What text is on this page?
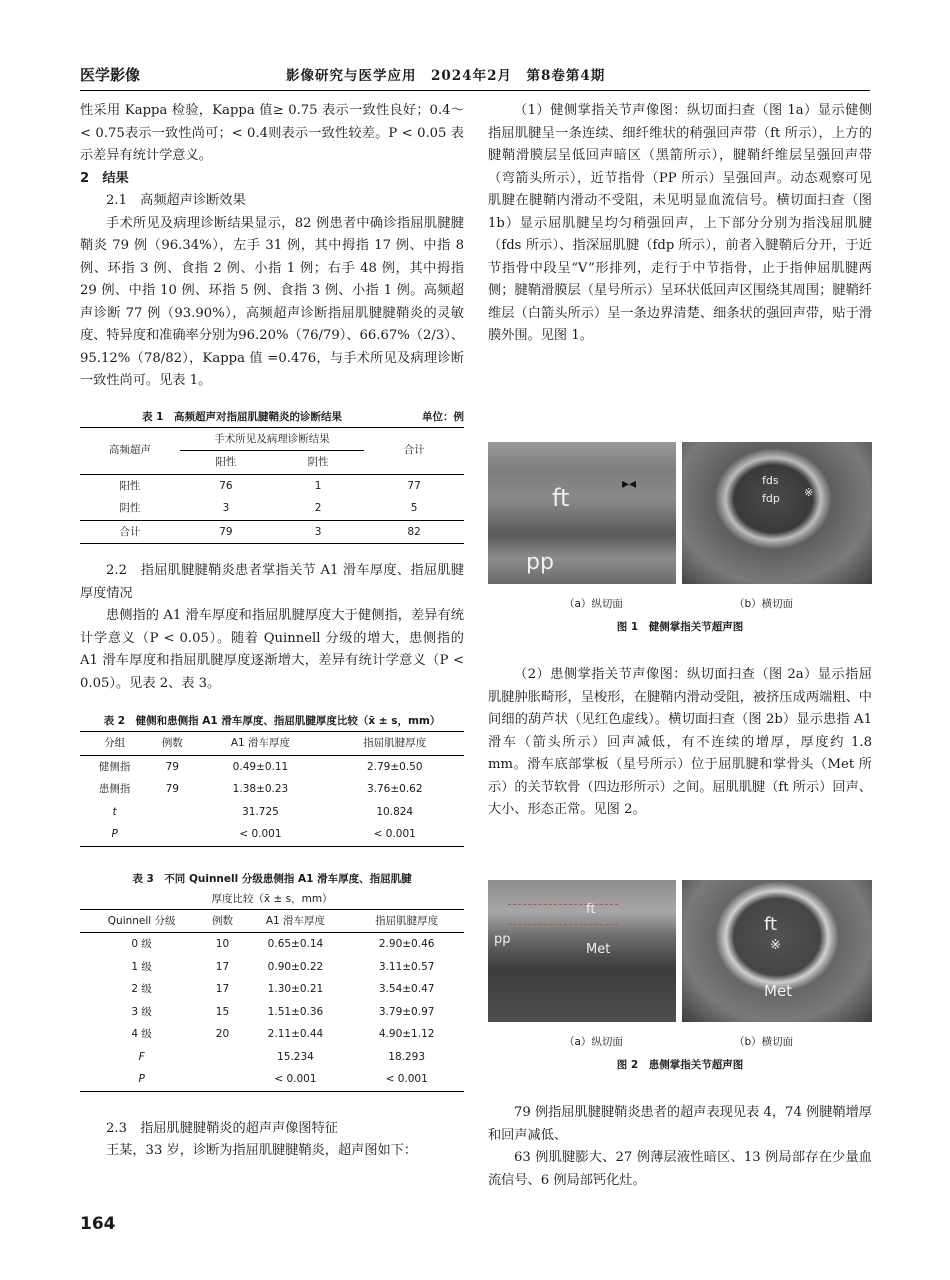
医学影像	影像研究与医学应用　2024年2月　第8卷第4期

性采用 Kappa 检验，Kappa 值≥ 0.75 表示一致性良好；0.4～< 0.75表示一致性尚可；< 0.4则表示一致性较差。P < 0.05 表示差异有统计学意义。

2　结果

2.1　高频超声诊断效果

手术所见及病理诊断结果显示，82 例患者中确诊指屈肌腱腱鞘炎 79 例（96.34%），左手 31 例，其中拇指 17 例、中指 8 例、环指 3 例、食指 2 例、小指 1 例；右手 48 例，其中拇指 29 例、中指 10 例、环指 5 例、食指 3 例、小指 1 例。高频超声诊断 77 例（93.90%），高频超声诊断指屈肌腱腱鞘炎的灵敏度、特异度和准确率分别为96.20%（76/79）、66.67%（2/3）、95.12%（78/82），Kappa 值 =0.476，与手术所见及病理诊断一致性尚可。见表 1。

表 1　高频超声对指屈肌腱鞘炎的诊断结果	单位：例

高频超声	手术所见及病理诊断结果		合计
	阳性	阴性	
阳性	76	1	77
阴性	3	2	5
合计	79	3	82

2.2　指屈肌腱腱鞘炎患者掌指关节 A1 滑车厚度、指屈肌腱厚度情况

患侧指的 A1 滑车厚度和指屈肌腱厚度大于健侧指，差异有统计学意义（P < 0.05）。随着 Quinnell 分级的增大，患侧指的 A1 滑车厚度和指屈肌腱厚度逐渐增大，差异有统计学意义（P < 0.05）。见表 2、表 3。

表 2　健侧和患侧指 A1 滑车厚度、指屈肌腱厚度比较（x̄ ± s，mm）

分组	例数	A1 滑车厚度	指屈肌腱厚度
健侧指	79	0.49±0.11	2.79±0.50
患侧指	79	1.38±0.23	3.76±0.62
t		31.725	10.824
P		< 0.001	< 0.001

表 3　不同 Quinnell 分级患侧指 A1 滑车厚度、指屈肌腱

厚度比较（x̄ ± s，mm）

Quinnell 分级	例数	A1 滑车厚度	指屈肌腱厚度
0 级	10	0.65±0.14	2.90±0.46
1 级	17	0.90±0.22	3.11±0.57
2 级	17	1.30±0.21	3.54±0.47
3 级	15	1.51±0.36	3.79±0.97
4 级	20	2.11±0.44	4.90±1.12
F		15.234	18.293
P		< 0.001	< 0.001

2.3　指屈肌腱腱鞘炎的超声声像图特征

王某，33 岁，诊断为指屈肌腱腱鞘炎，超声图如下：

（1）健侧掌指关节声像图：纵切面扫查（图 1a）显示健侧指屈肌腱呈一条连续、细纤维状的稍强回声带（ft 所示），上方的腱鞘滑膜层呈低回声暗区（黑箭所示），腱鞘纤维层呈强回声带（弯箭头所示），近节指骨（PP 所示）呈强回声。动态观察可见肌腱在腱鞘内滑动不受阻，未见明显血流信号。横切面扫查（图 1b）显示屈肌腱呈均匀稍强回声，上下部分分别为指浅屈肌腱（fds 所示）、指深屈肌腱（fdp 所示），前者入腱鞘后分开，于近节指骨中段呈“V”形排列，走行于中节指骨，止于指伸屈肌腱两侧；腱鞘滑膜层（星号所示）呈环状低回声区围绕其周围；腱鞘纤维层（白箭头所示）呈一条边界清楚、细条状的强回声带，贴于滑膜外围。见图 1。

ft
pp
▸◂	fds
fdp ※
（a）纵切面	（b）横切面
图 1　健侧掌指关节超声图

（2）患侧掌指关节声像图：纵切面扫查（图 2a）显示指屈肌腱肿胀畸形，呈梭形，在腱鞘内滑动受阻，被挤压成两端粗、中间细的葫芦状（见红色虚线）。横切面扫查（图 2b）显示患指 A1 滑车（箭头所示）回声减低，有不连续的增厚，厚度约 1.8 mm。滑车底部掌板（星号所示）位于屈肌腱和掌骨头（Met 所示）的关节软骨（四边形所示）之间。屈肌肌腱（ft 所示）回声、大小、形态正常。见图 2。

ft
pp
Met
ft
※
Met
（a）纵切面	（b）横切面
图 2　患侧掌指关节超声图

79 例指屈肌腱腱鞘炎患者的超声表现见表 4，74 例腱鞘增厚和回声减低、

63 例肌腱膨大、27 例薄层液性暗区、13 例局部存在少量血流信号、6 例局部钙化灶。

164
